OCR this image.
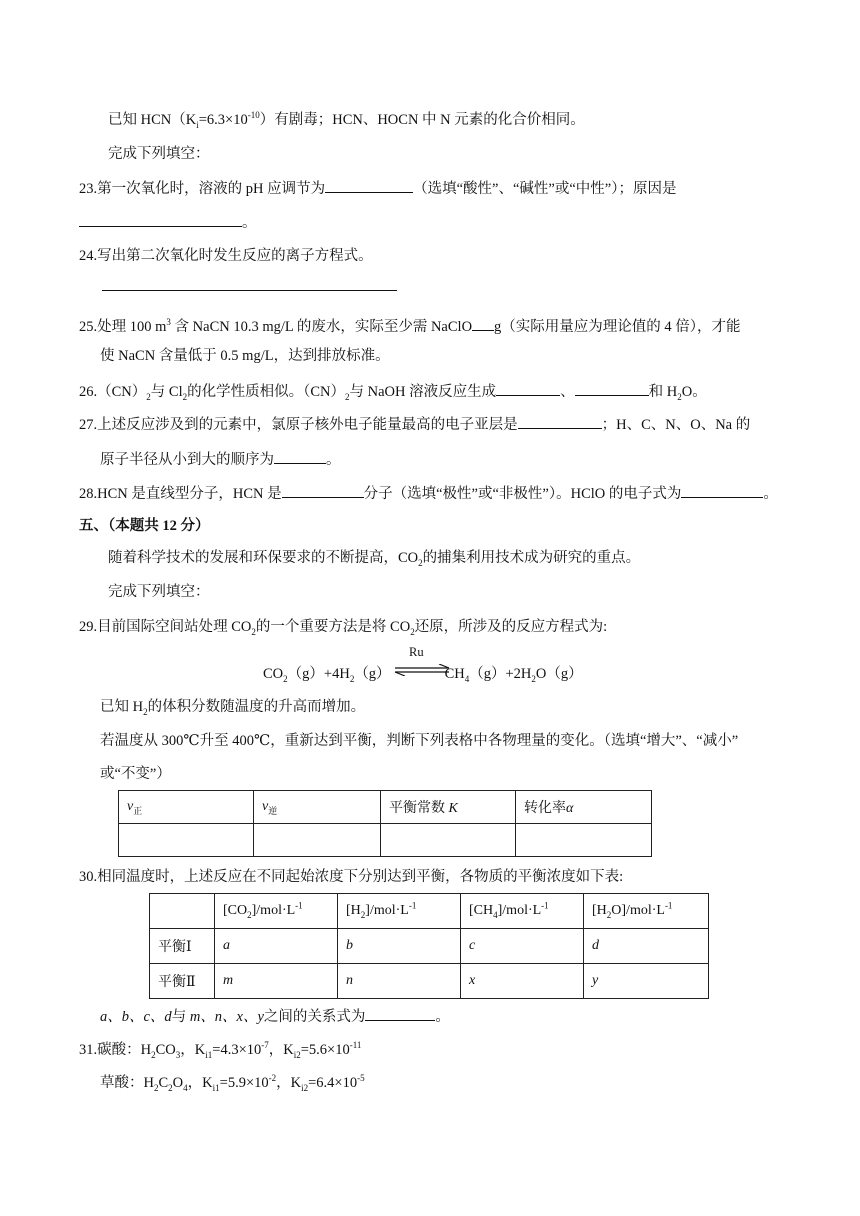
已知 $HCN(K_i=6.3\times 10^{-10})$有剧毒；HCN、HOCN 中 N 元素的化合价相同。
完成下列填空：
23.第一次氧化时，溶液的 pH 应调节为	（选填“酸性”、“碱性”或“中性”）；原因是
。
24.写出第二次氧化时发生反应的离子方程式。
25.处理 100 $m^3$ 含 NaCN 10.3 mg/L 的废水，实际至少需 NaClO g（实际用量应为理论值的 4 倍），才能
使 NaCN 含量低于 0.5 mg/L，达到排放标准。
$26.(CN)_2$与 $Cl_2$的化学性质相似。$(CN)_2$与 NaOH 溶液反应生成	、	和 $H_2O$。
27.上述反应涉及到的元素中，氯原子核外电子能量最高的电子亚层是	；H、C、N、O、Na 的
原子半径从小到大的顺序为	。
28.HCN 是直线型分子，HCN 是	分子（选填“极性”或“非极性”）。HClO 的电子式为	。
五、（本题共 12 分）
随着科学技术的发展和环保要求的不断提高，$CO_2$的捕集利用技术成为研究的重点。
完成下列填空：
29.目前国际空间站处理 $CO_2$的一个重要方法是将 $CO_2$还原，所涉及的反应方程式为:
Ru
$CO_2(g)+4H_2(g)$	$CH_4(g)+2H_2O(g)$
已知 $H_2$的体积分数随温度的升高而增加。
若温度从 300℃升至 400℃，重新达到平衡，判断下列表格中各物理量的变化。（选填“增大”、“减小”
或“不变”）
$v_正$	$v_逆$	平衡常数 K	转化率α

30.相同温度时，上述反应在不同起始浓度下分别达到平衡，各物质的平衡浓度如下表:
	$[CO_2]/mol\cdot L^{-1}$	$[H_2]/mol\cdot L^{-1}$	$[CH_4]/mol\cdot L^{-1}$	$[H_2O]/mol\cdot L^{-1}$
平衡Ⅰ	a	b	c	d
平衡Ⅱ	m	n	x	y
a、b、c、d与 m、n、x、y之间的关系式为	。
31.碳酸：$H_2CO_3$，$K_{i1}=4.3\times 10^{-7}$，$K_{i2}=5.6\times 10^{-11}$
草酸：$H_2C_2O_4$，$K_{i1}=5.9\times 10^{-2}$，$K_{i2}=6.4\times 10^{-5}$
